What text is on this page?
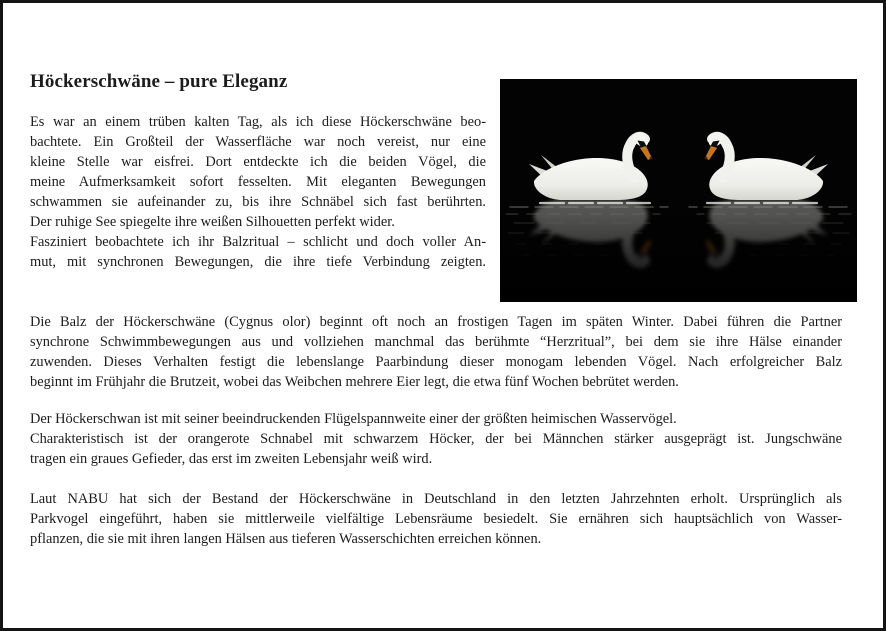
Höckerschwäne – pure Eleganz
Es war an einem trüben kalten Tag, als ich diese Höckerschwäne beo-
bachtete. Ein Großteil der Wasserfläche war noch vereist, nur eine
kleine Stelle war eisfrei. Dort entdeckte ich die beiden Vögel, die
meine Aufmerksamkeit sofort fesselten. Mit eleganten Bewegungen
schwammen sie aufeinander zu, bis ihre Schnäbel sich fast berührten.
Der ruhige See spiegelte ihre weißen Silhouetten perfekt wider.
Fasziniert beobachtete ich ihr Balzritual – schlicht und doch voller An-
mut, mit synchronen Bewegungen, die ihre tiefe Verbindung zeigten.
Die Balz der Höckerschwäne (Cygnus olor) beginnt oft noch an frostigen Tagen im späten Winter. Dabei führen die Partner
synchrone Schwimmbewegungen aus und vollziehen manchmal das berühmte “Herzritual”, bei dem sie ihre Hälse einander
zuwenden. Dieses Verhalten festigt die lebenslange Paarbindung dieser monogam lebenden Vögel. Nach erfolgreicher Balz
beginnt im Frühjahr die Brutzeit, wobei das Weibchen mehrere Eier legt, die etwa fünf Wochen bebrütet werden.
Der Höckerschwan ist mit seiner beeindruckenden Flügelspannweite einer der größten heimischen Wasservögel.
Charakteristisch ist der orangerote Schnabel mit schwarzem Höcker, der bei Männchen stärker ausgeprägt ist. Jungschwäne
tragen ein graues Gefieder, das erst im zweiten Lebensjahr weiß wird.
Laut NABU hat sich der Bestand der Höckerschwäne in Deutschland in den letzten Jahrzehnten erholt. Ursprünglich als
Parkvogel eingeführt, haben sie mittlerweile vielfältige Lebensräume besiedelt. Sie ernähren sich hauptsächlich von Wasser-
pflanzen, die sie mit ihren langen Hälsen aus tieferen Wasserschichten erreichen können.
